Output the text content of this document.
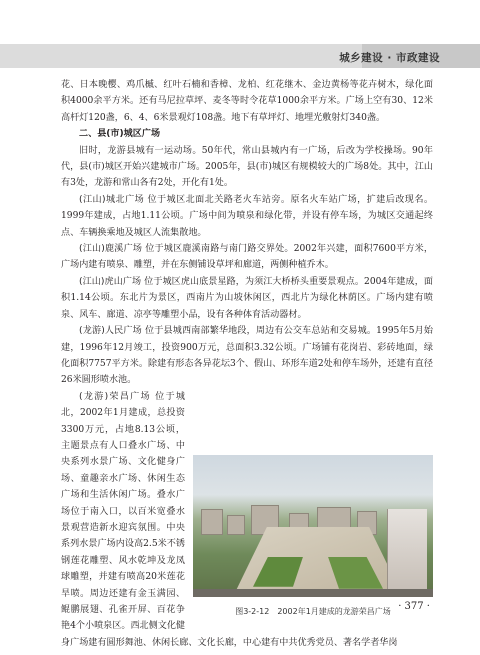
城乡建设 · 市政建设

花、日本晚樱、鸡爪槭、红叶石楠和香樟、龙柏、红花继木、金边黄杨等花卉树木，绿化面积4000余平方米。还有马尼拉草坪、麦冬等时令花草1000余平方米。广场上空有30、12米高杆灯120盏，6、4、6米景观灯108盏。地下有草坪灯、地埋光敷射灯340盏。

二、县(市)城区广场

旧时，龙游县城有一运动场。50年代，常山县城内有一广场，后改为学校操场。90年代，县(市)城区开始兴建城市广场。2005年，县(市)城区有规模较大的广场8处。其中，江山有3处，龙游和常山各有2处，开化有1处。

(江山)城北广场 位于城区北面北关路老火车站旁。原名火车站广场，扩建后改现名。1999年建成，占地1.11公顷。广场中间为喷泉和绿化带，并设有停车场，为城区交通起终点、车辆换乘地及城区人流集散地。

(江山)鹿溪广场 位于城区鹿溪南路与南门路交界处。2002年兴建，面积7600平方米，广场内建有喷泉、雕塑，并在东侧铺设草坪和廊道，两侧种植乔木。

(江山)虎山广场 位于城区虎山底景星路，为须江大桥桥头重要景观点。2004年建成，面积1.14公顷。东北片为景区，西南片为山坡休闲区，西北片为绿化林荫区。广场内建有喷泉、风车、廊道、凉亭等雕塑小品，设有各种体育活动器材。

(龙游)人民广场 位于县城西南部繁华地段，周边有公交车总站和交易城。1995年5月始建，1996年12月竣工，投资900万元，总面积3.32公顷。广场铺有花岗岩、彩砖地面，绿化面积7757平方米。除建有形态各异花坛3个、假山、环形车道2处和停车场外，还建有直径26米圆形喷水池。

图3-2-12　2002年1月建成的龙游荣昌广场

(龙游)荣昌广场 位于城北，2002年1月建成，总投资3300万元，占地8.13公顷，主题景点有人口叠水广场、中央系列水景广场、文化健身广场、童趣亲水广场、休闲生态广场和生活休闲广场。叠水广场位于南入口，以百米宽叠水景观营造新水迎宾氛围。中央系列水景广场内设高2.5米不锈钢莲花雕塑、风水乾坤及龙凤球雕塑，并建有喷高20米莲花旱喷。周边还建有金玉满园、鲲鹏展翅、孔雀开屏、百花争艳4个小喷泉区。西北侧文化健身广场建有圆形舞池、休闲长廊、文化长廊，中心建有中共优秀党员、著名学者华岗

· 377 ·
